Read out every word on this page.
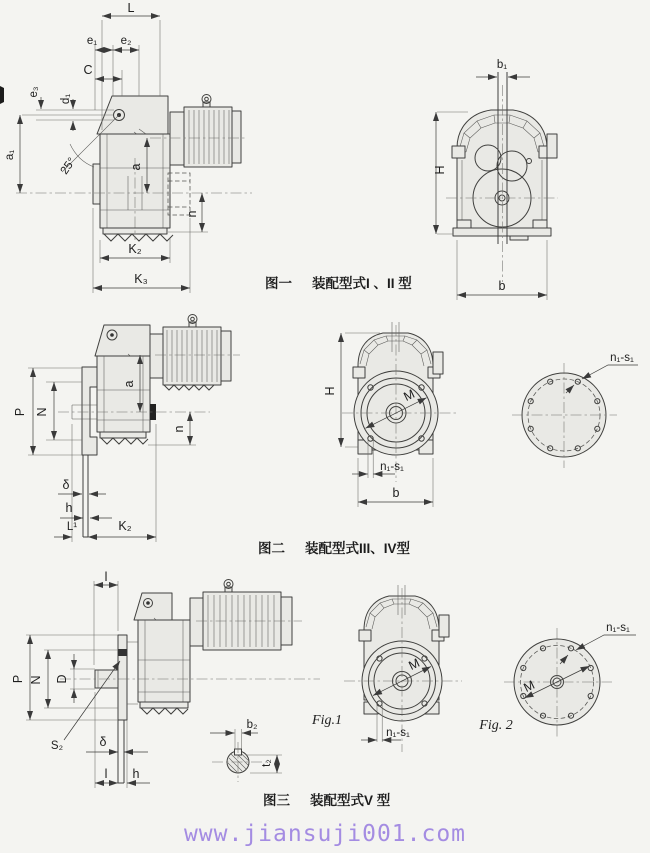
L
e₁ e₂
C
e₃
d₁
a₁
25°	a
n
K₂
K₃
b₁
H
b
P N
a
n
δ
h
L¹	K₂
H	M
n₁-s₁
b
n₁-s₁
l
P N D
S₂	δ
l h
b₂
t₂
Fig.1
M
n₁-s₁	Fig. 2
n₁-s₁
M
图一 装配型式I 、II 型
图二 装配型式III、IV型
图三 装配型式V 型
www.jiansuji001.com
